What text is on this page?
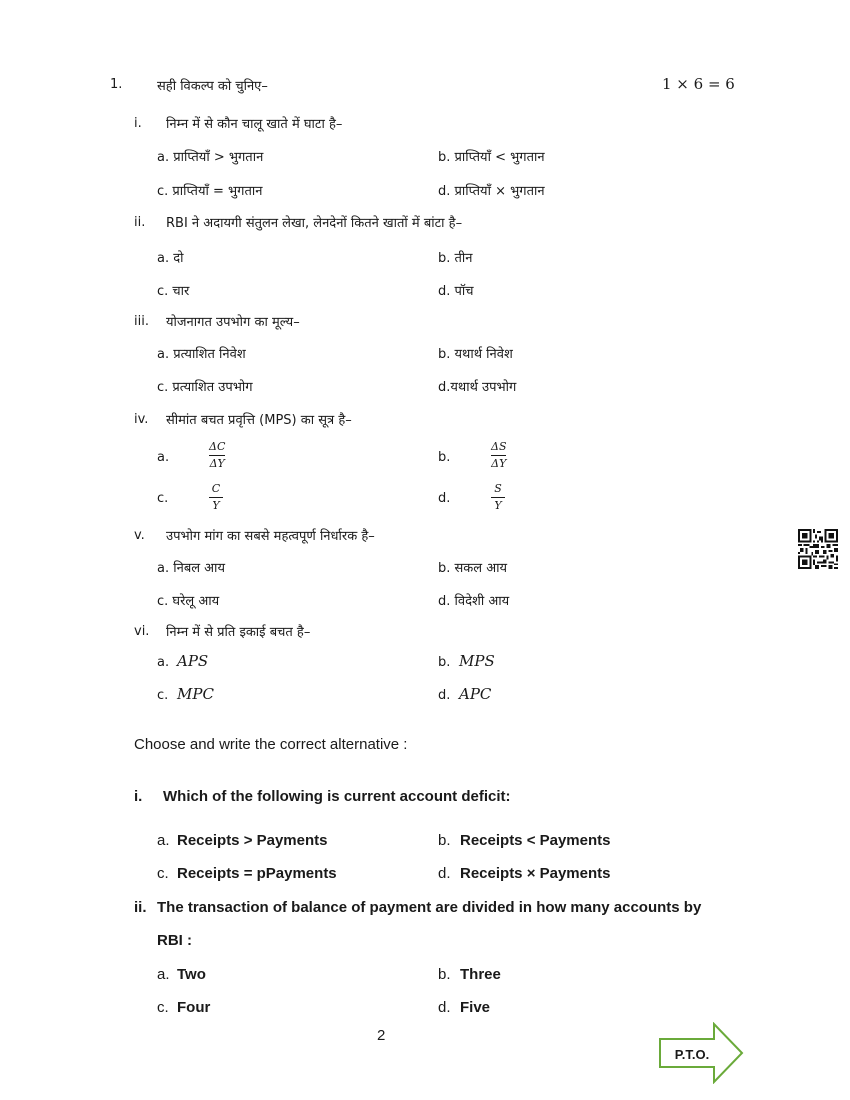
1.	सही विकल्प को चुनिए–	1 × 6 = 6
i. निम्न में से कौन चालू खाते में घाटा है–
a. प्राप्तियाँ > भुगतान	b. प्राप्तियाँ < भुगतान
c. प्राप्तियाँ = भुगतान	d. प्राप्तियाँ × भुगतान
ii. RBI ने अदायगी संतुलन लेखा, लेनदेनों कितने खातों में बांटा है–
a. दो	b. तीन
c. चार	d. पॉच
iii. योजनागत उपभोग का मूल्य–
a. प्रत्याशित निवेश	b. यथार्थ निवेश
c. प्रत्याशित उपभोग	d.यथार्थ उपभोग
iv. सीमांत बचत प्रवृत्ति (MPS) का सूत्र है–
a.
ΔC
ΔY	b.
ΔS
ΔY
c.
C
Y	d.
S
Y
v. उपभोग मांग का सबसे महत्वपूर्ण निर्धारक है–
a. निबल आय	b. सकल आय
c. घरेलू आय	d. विदेशी आय
vi. निम्न में से प्रति इकाई बचत है–
a. APS	b. MPS
c. MPC	d. APC
Choose and write the correct alternative :
i. Which of the following is current account deficit:
a. Receipts > Payments	b. Receipts < Payments
c. Receipts = pPayments	d. Receipts × Payments
ii. The transaction of balance of payment are divided in how many accounts by
RBI :
a. Two	b. Three
c. Four	d. Five
2
P.T.O.
